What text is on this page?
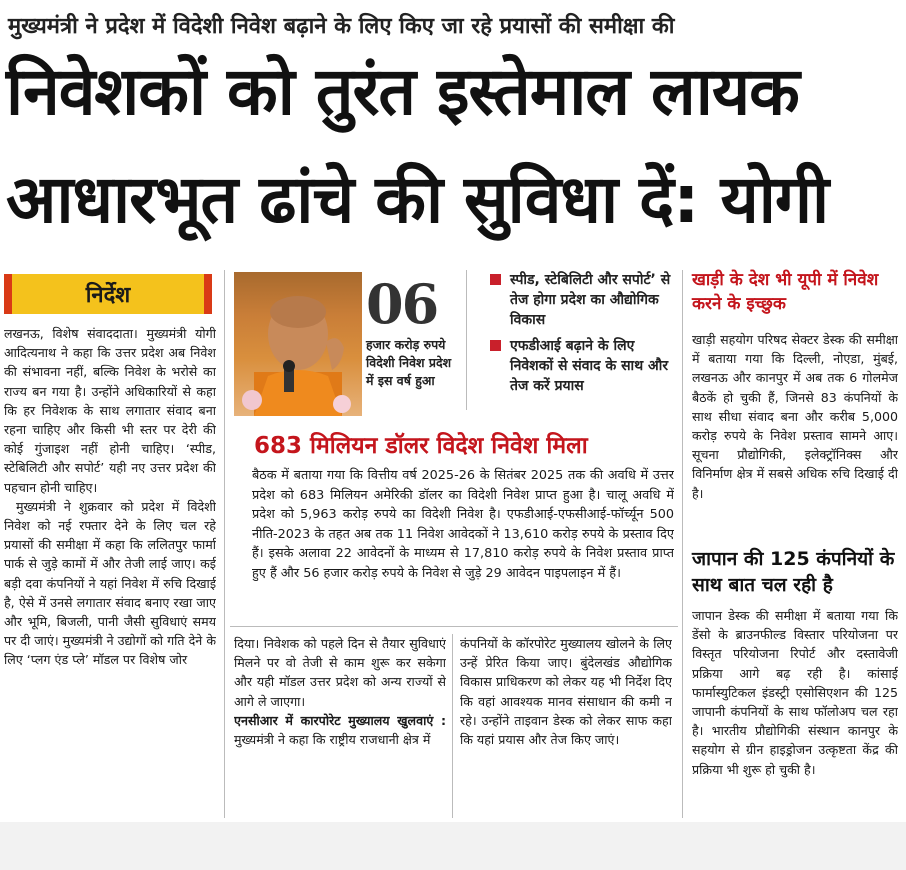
मुख्यमंत्री ने प्रदेश में विदेशी निवेश बढ़ाने के लिए किए जा रहे प्रयासों की समीक्षा की
निवेशकों को तुरंत इस्तेमाल लायक
आधारभूत ढांचे की सुविधा दें: योगी
निर्देश

लखनऊ, विशेष संवाददाता। मुख्यमंत्री योगी आदित्यनाथ ने कहा कि उत्तर प्रदेश अब निवेश की संभावना नहीं, बल्कि निवेश के भरोसे का राज्य बन गया है। उन्होंने अधिकारियों से कहा कि हर निवेशक के साथ लगातार संवाद बना रहना चाहिए और किसी भी स्तर पर देरी की कोई गुंजाइश नहीं होनी चाहिए। ‘स्पीड, स्टेबिलिटी और सपोर्ट’ यही नए उत्तर प्रदेश की पहचान होनी चाहिए।

मुख्यमंत्री ने शुक्रवार को प्रदेश में विदेशी निवेश को नई रफ्तार देने के लिए चल रहे प्रयासों की समीक्षा में कहा कि ललितपुर फार्मा पार्क से जुड़े कामों में और तेजी लाई जाए। कई बड़ी दवा कंपनियों ने यहां निवेश में रुचि दिखाई है, ऐसे में उनसे लगातार संवाद बनाए रखा जाए और भूमि, बिजली, पानी जैसी सुविधाएं समय पर दी जाएं। मुख्यमंत्री ने उद्योगों को गति देने के लिए ‘प्लग एंड प्ले’ मॉडल पर विशेष जोर

06
हजार करोड़ रुपये विदेशी निवेश प्रदेश में इस वर्ष हुआ
स्पीड, स्टेबिलिटी और सपोर्ट’ से तेज होगा प्रदेश का औद्योगिक विकास
एफडीआई बढ़ाने के लिए निवेशकों से संवाद के साथ और तेज करें प्रयास
683 मिलियन डॉलर विदेश निवेश मिला

बैठक में बताया गया कि वित्तीय वर्ष 2025-26 के सितंबर 2025 तक की अवधि में उत्तर प्रदेश को 683 मिलियन अमेरिकी डॉलर का विदेशी निवेश प्राप्त हुआ है। चालू अवधि में प्रदेश को 5,963 करोड़ रुपये का विदेशी निवेश है। एफडीआई-एफसीआई-फॉर्च्यून 500 नीति-2023 के तहत अब तक 11 निवेश आवेदकों ने 13,610 करोड़ रुपये के प्रस्ताव दिए हैं। इसके अलावा 22 आवेदनों के माध्यम से 17,810 करोड़ रुपये के निवेश प्रस्ताव प्राप्त हुए हैं और 56 हजार करोड़ रुपये के निवेश से जुड़े 29 आवेदन पाइपलाइन में हैं।

दिया। निवेशक को पहले दिन से तैयार सुविधाएं मिलने पर वो तेजी से काम शुरू कर सकेगा और यही मॉडल उत्तर प्रदेश को अन्य राज्यों से आगे ले जाएगा।

एनसीआर में कारपोरेट मुख्यालय खुलवाएं : मुख्यमंत्री ने कहा कि राष्ट्रीय राजधानी क्षेत्र में

कंपनियों के कॉरपोरेट मुख्यालय खोलने के लिए उन्हें प्रेरित किया जाए। बुंदेलखंड औद्योगिक विकास प्राधिकरण को लेकर यह भी निर्देश दिए कि वहां आवश्यक मानव संसाधान की कमी न रहे। उन्होंने ताइवान डेस्क को लेकर साफ कहा कि यहां प्रयास और तेज किए जाएं।

खाड़ी के देश भी यूपी में निवेश करने के इच्छुक

खाड़ी सहयोग परिषद सेक्टर डेस्क की समीक्षा में बताया गया कि दिल्ली, नोएडा, मुंबई, लखनऊ और कानपुर में अब तक 6 गोलमेज बैठकें हो चुकी हैं, जिनसे 83 कंपनियों के साथ सीधा संवाद बना और करीब 5,000 करोड़ रुपये के निवेश प्रस्ताव सामने आए। सूचना प्रौद्योगिकी, इलेक्ट्रॉनिक्स और विनिर्माण क्षेत्र में सबसे अधिक रुचि दिखाई दी है।

जापान की 125 कंपनियों के साथ बात चल रही है

जापान डेस्क की समीक्षा में बताया गया कि डेंसो के ब्राउनफील्ड विस्तार परियोजना पर विस्तृत परियोजना रिपोर्ट और दस्तावेजी प्रक्रिया आगे बढ़ रही है। कांसाई फार्मास्युटिकल इंडस्ट्री एसोसिएशन की 125 जापानी कंपनियों के साथ फॉलोअप चल रहा है। भारतीय प्रौद्योगिकी संस्थान कानपुर के सहयोग से ग्रीन हाइड्रोजन उत्कृष्टता केंद्र की प्रक्रिया भी शुरू हो चुकी है।
